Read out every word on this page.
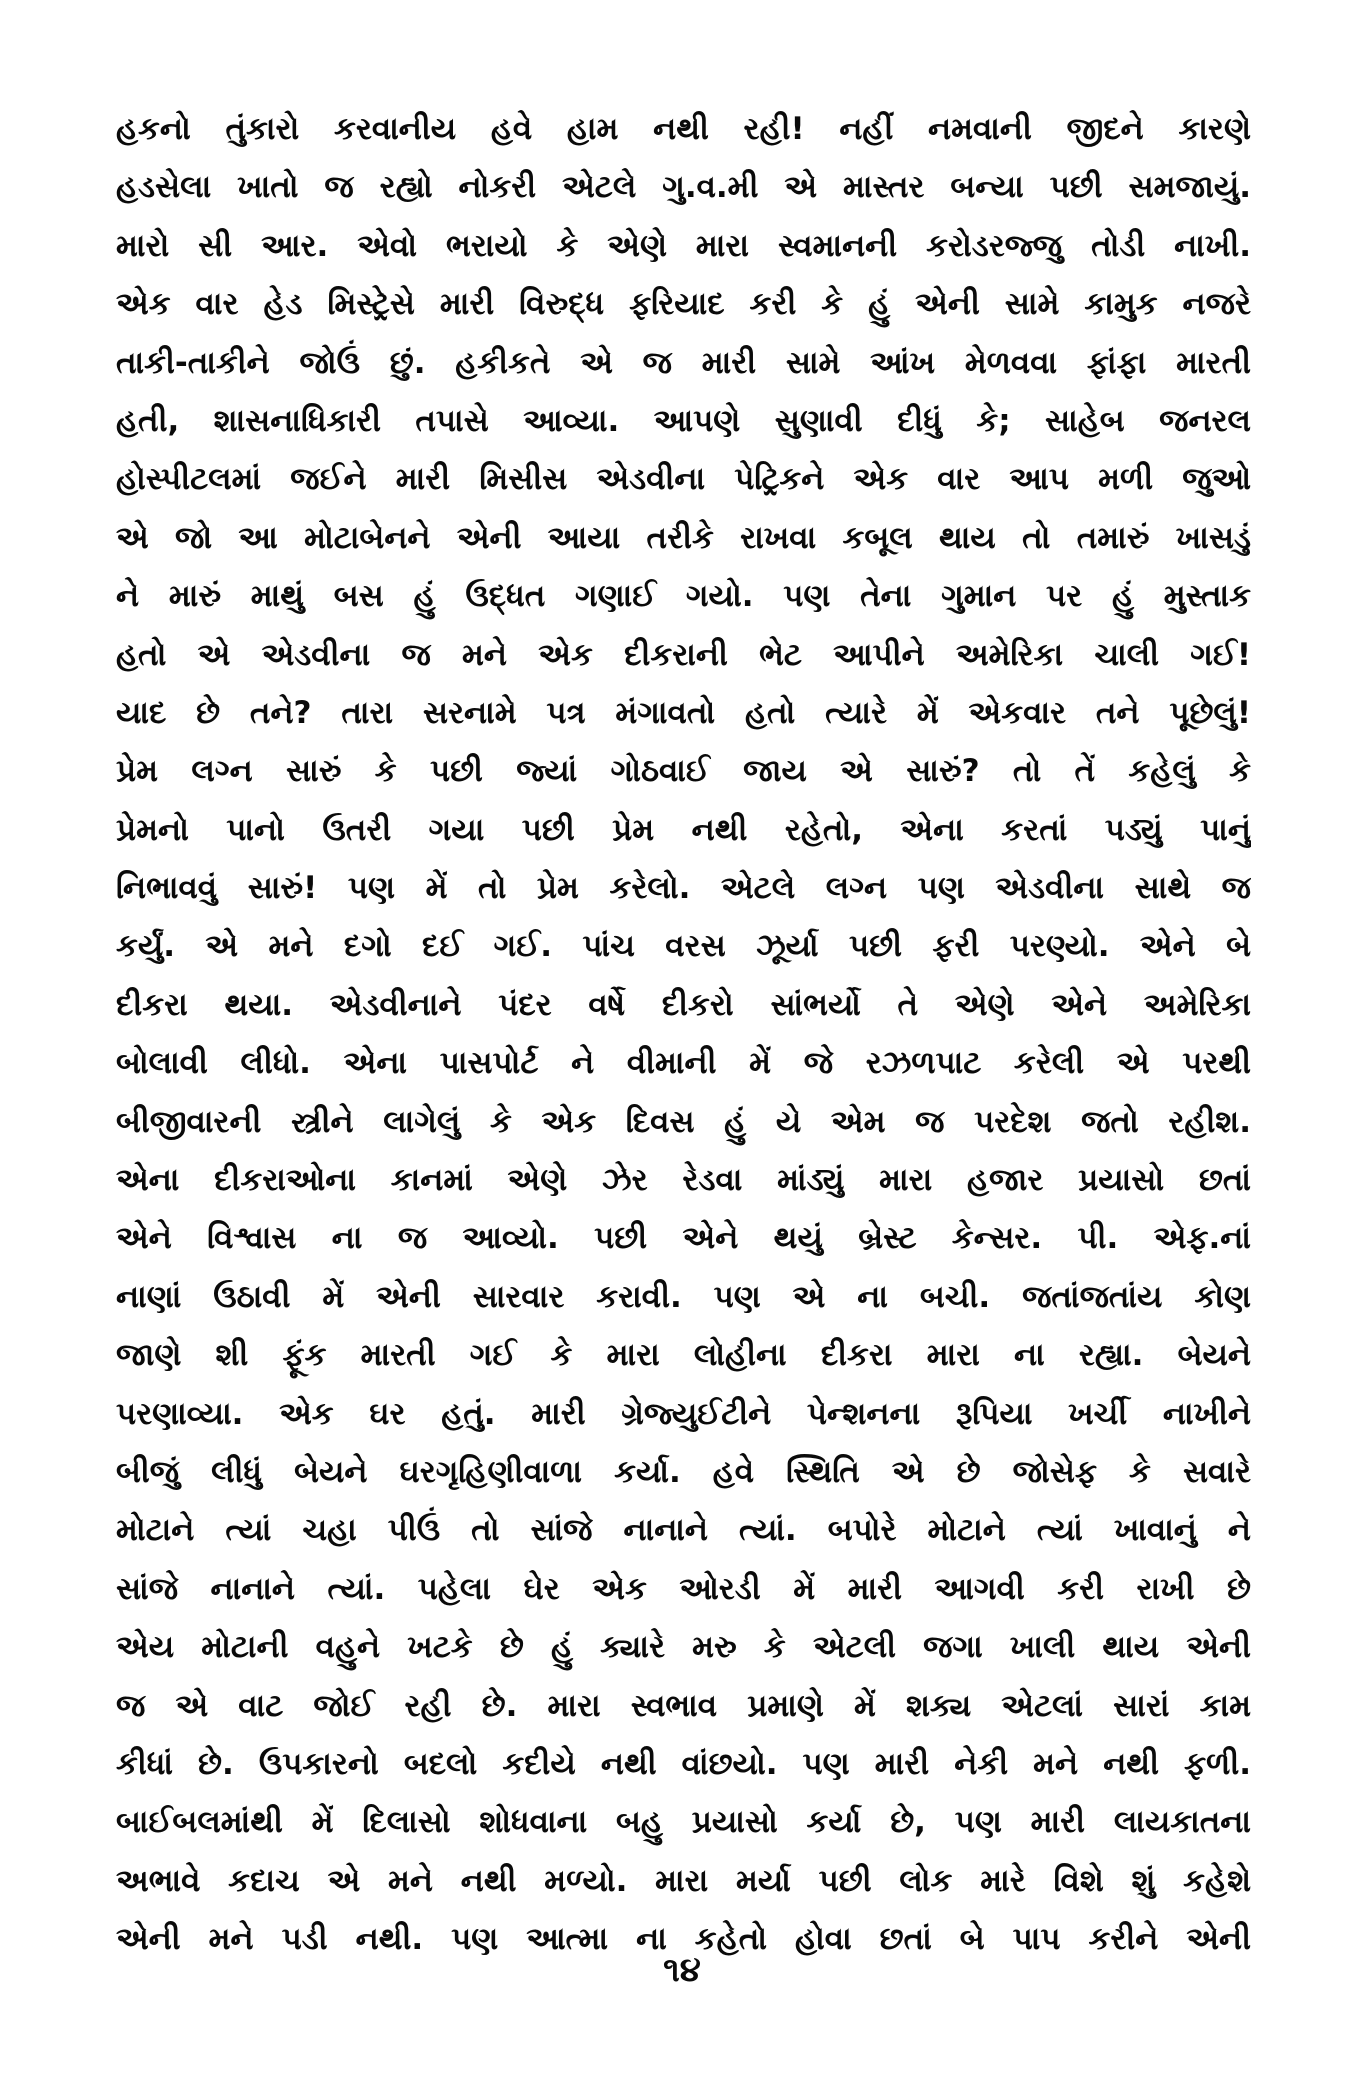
હકનો તુંકારો કરવાનીય હવે હામ નથી રહી! નહીં નમવાની જીદને કારણે
હડસેલા ખાતો જ રહ્યો નોકરી એટલે ગુ.વ.મી એ માસ્તર બન્યા પછી સમજાયું.
મારો સી આર. એવો ભરાયો કે એણે મારા સ્વમાનની કરોડરજ્જુ તોડી નાખી.
એક વાર હેડ મિસ્ટ્રેસે મારી વિરુદ્ધ ફરિયાદ કરી કે હું એની સામે કામુક નજરે
તાકી-તાકીને જોઉં છું. હકીકતે એ જ મારી સામે આંખ મેળવવા ફાંફા મારતી
હતી, શાસનાધિકારી તપાસે આવ્યા. આપણે સુણાવી દીધું કે; સાહેબ જનરલ
હોસ્પીટલમાં જઈને મારી મિસીસ એડવીના પેટ્રિકને એક વાર આપ મળી જુઓ
એ જો આ મોટાબેનને એની આયા તરીકે રાખવા કબૂલ થાય તો તમારું ખાસડું
ને મારું માથું બસ હું ઉદ્ધત ગણાઈ ગયો. પણ તેના ગુમાન પર હું મુસ્તાક
હતો એ એડવીના જ મને એક દીકરાની ભેટ આપીને અમેરિકા ચાલી ગઈ!
યાદ છે તને? તારા સરનામે પત્ર મંગાવતો હતો ત્યારે મેં એકવાર તને પૂછેલું!
પ્રેમ લગ્ન સારું કે પછી જ્યાં ગોઠવાઈ જાય એ સારું? તો તેં કહેલું કે
પ્રેમનો પાનો ઉતરી ગયા પછી પ્રેમ નથી રહેતો, એના કરતાં પડ્યું પાનું
નિભાવવું સારું! પણ મેં તો પ્રેમ કરેલો. એટલે લગ્ન પણ એડવીના સાથે જ
કર્યું. એ મને દગો દઈ ગઈ. પાંચ વરસ ઝૂર્યા પછી ફરી પરણ્યો. એને બે
દીકરા થયા. એડવીનાને પંદર વર્ષે દીકરો સાંભર્યો તે એણે એને અમેરિકા
બોલાવી લીધો. એના પાસપોર્ટ ને વીમાની મેં જે રઝળપાટ કરેલી એ પરથી
બીજીવારની સ્ત્રીને લાગેલું કે એક દિવસ હું યે એમ જ પરદેશ જતો રહીશ.
એના દીકરાઓના કાનમાં એણે ઝેર રેડવા માંડ્યું મારા હજાર પ્રયાસો છતાં
એને વિશ્વાસ ના જ આવ્યો. પછી એને થયું બ્રેસ્ટ કેન્સર. પી. એફ.નાં
નાણાં ઉઠાવી મેં એની સારવાર કરાવી. પણ એ ના બચી. જતાંજતાંય કોણ
જાણે શી ફૂંક મારતી ગઈ કે મારા લોહીના દીકરા મારા ના રહ્યા. બેયને
પરણાવ્યા. એક ઘર હતું. મારી ગ્રેજ્યુઈટીને પેન્શનના રૂપિયા ખર્ચી નાખીને
બીજું લીધું બેયને ઘરગૃહિણીવાળા કર્યા. હવે સ્થિતિ એ છે જોસેફ કે સવારે
મોટાને ત્યાં ચહા પીઉં તો સાંજે નાનાને ત્યાં. બપોરે મોટાને ત્યાં ખાવાનું ને
સાંજે નાનાને ત્યાં. પહેલા ઘેર એક ઓરડી મેં મારી આગવી કરી રાખી છે
એય મોટાની વહુને ખટકે છે હું ક્યારે મરુ કે એટલી જગા ખાલી થાય એની
જ એ વાટ જોઈ રહી છે. મારા સ્વભાવ પ્રમાણે મેં શક્ય એટલાં સારાં કામ
કીધાં છે. ઉપકારનો બદલો કદીયે નથી વાંછયો. પણ મારી નેકી મને નથી ફળી.
બાઈબલમાંથી મેં દિલાસો શોધવાના બહુ પ્રયાસો કર્યા છે, પણ મારી લાયકાતના
અભાવે કદાચ એ મને નથી મળ્યો. મારા મર્યા પછી લોક મારે વિશે શું કહેશે
એની મને પડી નથી. પણ આત્મા ના કહેતો હોવા છતાં બે પાપ કરીને એની
૧૪
